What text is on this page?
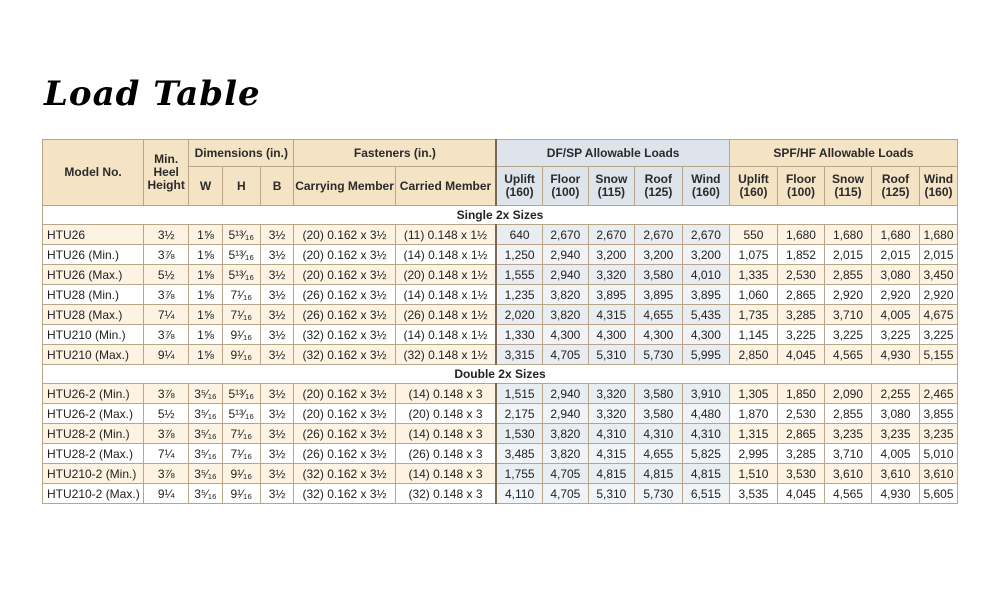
Load Table
Model No.	Min. Heel Height	Dimensions (in.)			Fasteners (in.)		DF/SP Allowable Loads					SPF/HF Allowable Loads				
		W	H	B	Carrying Member	Carried Member	Uplift (160)	Floor (100)	Snow (115)	Roof (125)	Wind (160)	Uplift (160)	Floor (100)	Snow (115)	Roof (125)	Wind (160)
Single 2x Sizes																
HTU26	3½	1⅝	5¹³⁄₁₆	3½	(20) 0.162 x 3½	(11) 0.148 x 1½	640	2,670	2,670	2,670	2,670	550	1,680	1,680	1,680	1,680
HTU26 (Min.)	3⅞	1⅝	5¹³⁄₁₆	3½	(20) 0.162 x 3½	(14) 0.148 x 1½	1,250	2,940	3,200	3,200	3,200	1,075	1,852	2,015	2,015	2,015
HTU26 (Max.)	5½	1⅝	5¹³⁄₁₆	3½	(20) 0.162 x 3½	(20) 0.148 x 1½	1,555	2,940	3,320	3,580	4,010	1,335	2,530	2,855	3,080	3,450
HTU28 (Min.)	3⅞	1⅝	7¹⁄₁₆	3½	(26) 0.162 x 3½	(14) 0.148 x 1½	1,235	3,820	3,895	3,895	3,895	1,060	2,865	2,920	2,920	2,920
HTU28 (Max.)	7¼	1⅝	7¹⁄₁₆	3½	(26) 0.162 x 3½	(26) 0.148 x 1½	2,020	3,820	4,315	4,655	5,435	1,735	3,285	3,710	4,005	4,675
HTU210 (Min.)	3⅞	1⅝	9¹⁄₁₆	3½	(32) 0.162 x 3½	(14) 0.148 x 1½	1,330	4,300	4,300	4,300	4,300	1,145	3,225	3,225	3,225	3,225
HTU210 (Max.)	9¼	1⅝	9¹⁄₁₆	3½	(32) 0.162 x 3½	(32) 0.148 x 1½	3,315	4,705	5,310	5,730	5,995	2,850	4,045	4,565	4,930	5,155
Double 2x Sizes																
HTU26-2 (Min.)	3⅞	3⁵⁄₁₆	5¹³⁄₁₆	3½	(20) 0.162 x 3½	(14) 0.148 x 3	1,515	2,940	3,320	3,580	3,910	1,305	1,850	2,090	2,255	2,465
HTU26-2 (Max.)	5½	3⁵⁄₁₆	5¹³⁄₁₆	3½	(20) 0.162 x 3½	(20) 0.148 x 3	2,175	2,940	3,320	3,580	4,480	1,870	2,530	2,855	3,080	3,855
HTU28-2 (Min.)	3⅞	3⁵⁄₁₆	7¹⁄₁₆	3½	(26) 0.162 x 3½	(14) 0.148 x 3	1,530	3,820	4,310	4,310	4,310	1,315	2,865	3,235	3,235	3,235
HTU28-2 (Max.)	7¼	3⁵⁄₁₆	7¹⁄₁₆	3½	(26) 0.162 x 3½	(26) 0.148 x 3	3,485	3,820	4,315	4,655	5,825	2,995	3,285	3,710	4,005	5,010
HTU210-2 (Min.)	3⅞	3⁵⁄₁₆	9¹⁄₁₆	3½	(32) 0.162 x 3½	(14) 0.148 x 3	1,755	4,705	4,815	4,815	4,815	1,510	3,530	3,610	3,610	3,610
HTU210-2 (Max.)	9¼	3⁵⁄₁₆	9¹⁄₁₆	3½	(32) 0.162 x 3½	(32) 0.148 x 3	4,110	4,705	5,310	5,730	6,515	3,535	4,045	4,565	4,930	5,605
